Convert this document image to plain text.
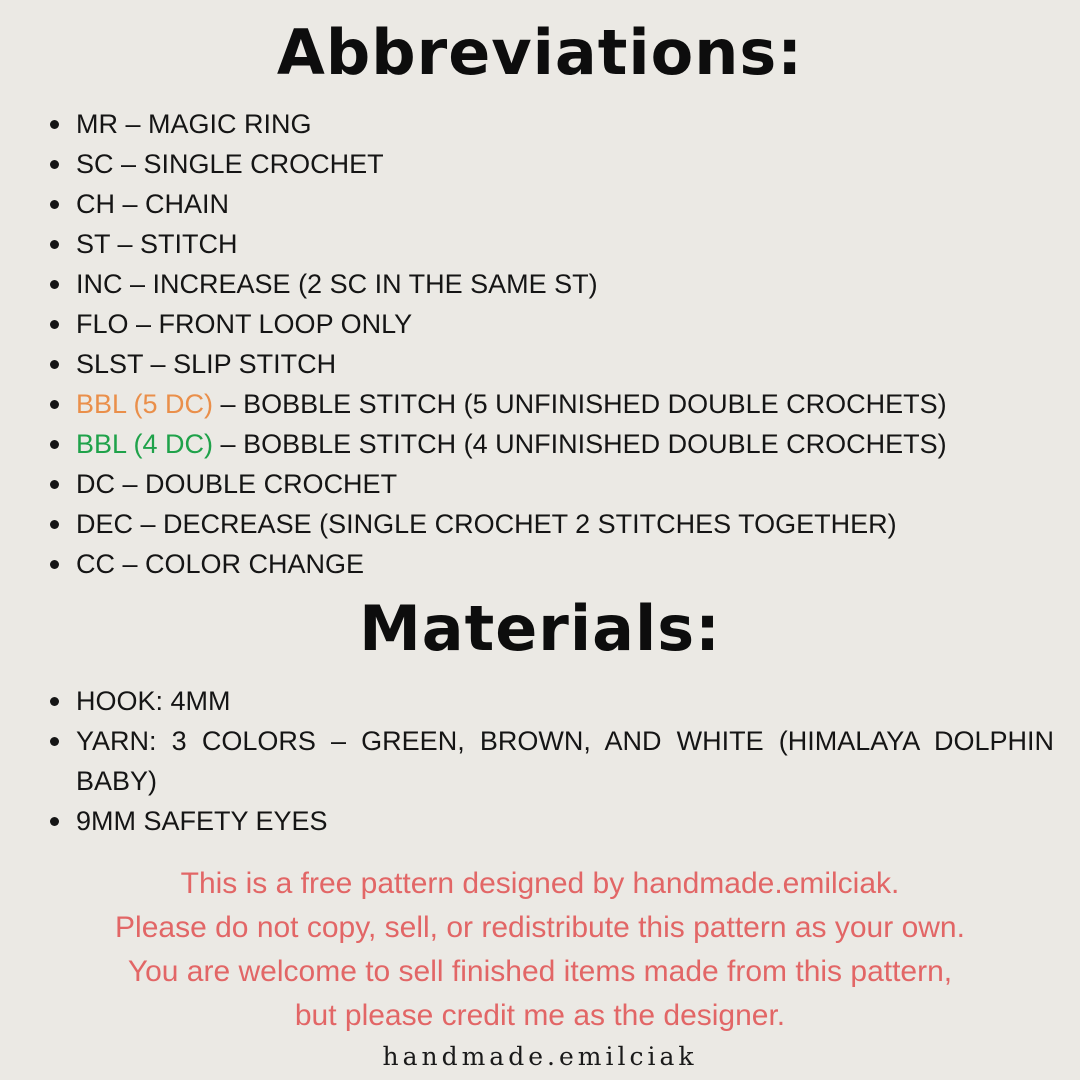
Abbreviations:
MR – MAGIC RING
SC – SINGLE CROCHET
CH – CHAIN
ST – STITCH
INC – INCREASE (2 SC IN THE SAME ST)
FLO – FRONT LOOP ONLY
SLST – SLIP STITCH
BBL (5 DC) – BOBBLE STITCH (5 UNFINISHED DOUBLE CROCHETS)
BBL (4 DC) – BOBBLE STITCH (4 UNFINISHED DOUBLE CROCHETS)
DC – DOUBLE CROCHET
DEC – DECREASE (SINGLE CROCHET 2 STITCHES TOGETHER)
CC – COLOR CHANGE
Materials:
HOOK: 4MM
YARN: 3 COLORS – GREEN, BROWN, AND WHITE (HIMALAYA DOLPHIN BABY)
9MM SAFETY EYES
This is a free pattern designed by handmade.emilciak.
Please do not copy, sell, or redistribute this pattern as your own.
You are welcome to sell finished items made from this pattern,
but please credit me as the designer.
handmade.emilciak
